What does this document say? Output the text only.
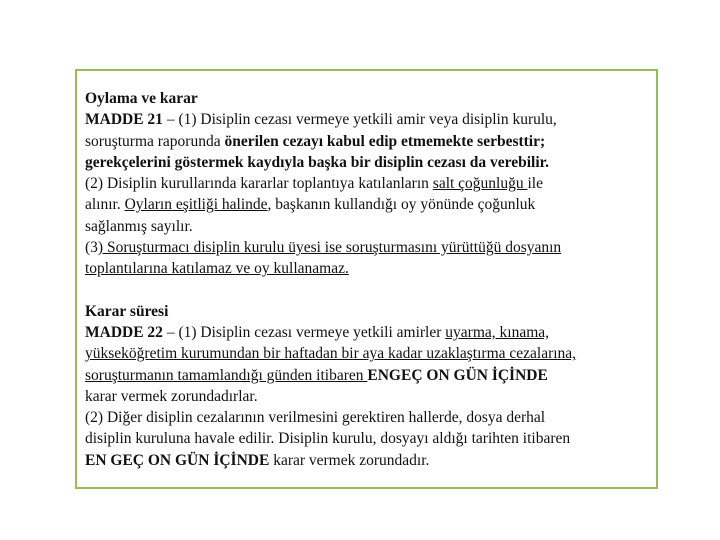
Oylama ve karar
MADDE 21 – (1) Disiplin cezası vermeye yetkili amir veya disiplin kurulu,
soruşturma raporunda önerilen cezayı kabul edip etmemekte serbesttir;
gerekçelerini göstermek kaydıyla başka bir disiplin cezası da verebilir.
(2) Disiplin kurullarında kararlar toplantıya katılanların salt çoğunluğu ile
alınır. Oyların eşitliği halinde, başkanın kullandığı oy yönünde çoğunluk
sağlanmış sayılır.
(3) Soruşturmacı disiplin kurulu üyesi ise soruşturmasını yürüttüğü dosyanın
toplantılarına katılamaz ve oy kullanamaz.
Karar süresi
MADDE 22 – (1) Disiplin cezası vermeye yetkili amirler uyarma, kınama,
yükseköğretim kurumundan bir haftadan bir aya kadar uzaklaştırma cezalarına,
soruşturmanın tamamlandığı günden itibaren ENGEÇ ON GÜN İÇİNDE
karar vermek zorundadırlar.
(2) Diğer disiplin cezalarının verilmesini gerektiren hallerde, dosya derhal
disiplin kuruluna havale edilir. Disiplin kurulu, dosyayı aldığı tarihten itibaren
EN GEÇ ON GÜN İÇİNDE karar vermek zorundadır.
